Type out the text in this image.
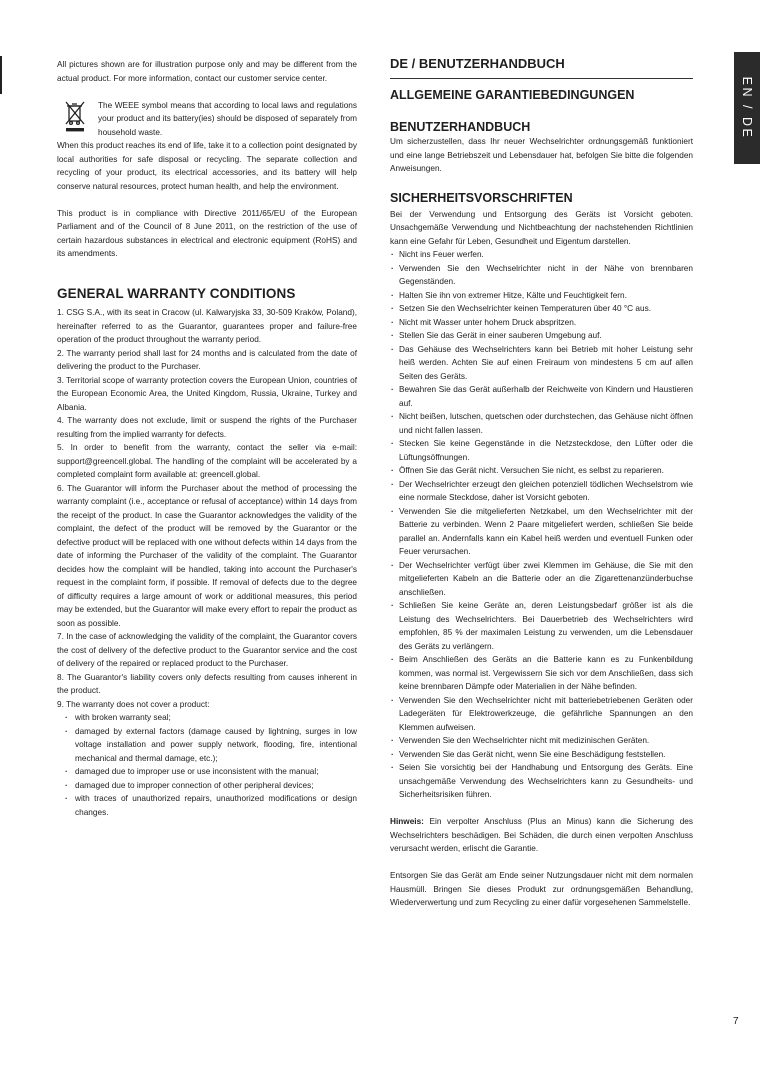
All pictures shown are for illustration purpose only and may be different from the actual product. For more information, contact our customer service center.

The WEEE symbol means that according to local laws and regulations your product and its battery(ies) should be disposed of separately from household waste.

When this product reaches its end of life, take it to a collection point designated by local authorities for safe disposal or recycling. The separate collection and recycling of your product, its electrical accessories, and its battery will help conserve natural resources, protect human health, and help the environment.

This product is in compliance with Directive 2011/65/EU of the European Parliament and of the Council of 8 June 2011, on the restriction of the use of certain hazardous substances in electrical and electronic equipment (RoHS) and its amendments.

GENERAL WARRANTY CONDITIONS

1. CSG S.A., with its seat in Cracow (ul. Kalwaryjska 33, 30-509 Kraków, Poland), hereinafter referred to as the Guarantor, guarantees proper and failure-free operation of the product throughout the warranty period.

2. The warranty period shall last for 24 months and is calculated from the date of delivering the product to the Purchaser.

3. Territorial scope of warranty protection covers the European Union, countries of the European Economic Area, the United Kingdom, Russia, Ukraine, Turkey and Albania.

4. The warranty does not exclude, limit or suspend the rights of the Purchaser resulting from the implied warranty for defects.

5. In order to benefit from the warranty, contact the seller via e-mail: support@greencell.global. The handling of the complaint will be accelerated by a completed complaint form available at: greencell.global.

6. The Guarantor will inform the Purchaser about the method of processing the warranty complaint (i.e., acceptance or refusal of acceptance) within 14 days from the receipt of the product. In case the Guarantor acknowledges the validity of the complaint, the defect of the product will be removed by the Guarantor or the defective product will be replaced with one without defects within 14 days from the date of informing the Purchaser of the validity of the complaint. The Guarantor decides how the complaint will be handled, taking into account the Purchaser's request in the complaint form, if possible. If removal of defects due to the degree of difficulty requires a large amount of work or additional measures, this period may be extended, but the Guarantor will make every effort to repair the product as soon as possible.

7. In the case of acknowledging the validity of the complaint, the Guarantor covers the cost of delivery of the defective product to the Guarantor service and the cost of delivery of the repaired or replaced product to the Purchaser.

8. The Guarantor's liability covers only defects resulting from causes inherent in the product.

9. The warranty does not cover a product:

· with broken warranty seal;

· damaged by external factors (damage caused by lightning, surges in low voltage installation and power supply network, flooding, fire, intentional mechanical and thermal damage, etc.);

· damaged due to improper use or use inconsistent with the manual;

· damaged due to improper connection of other peripheral devices;

· with traces of unauthorized repairs, unauthorized modifications or design changes.

DE / BENUTZERHANDBUCH
ALLGEMEINE GARANTIEBEDINGUNGEN
BENUTZERHANDBUCH

Um sicherzustellen, dass Ihr neuer Wechselrichter ordnungsgemäß funktioniert und eine lange Betriebszeit und Lebensdauer hat, befolgen Sie bitte die folgenden Anweisungen.

SICHERHEITSVORSCHRIFTEN

Bei der Verwendung und Entsorgung des Geräts ist Vorsicht geboten. Unsachgemäße Verwendung und Nichtbeachtung der nachstehenden Richtlinien kann eine Gefahr für Leben, Gesundheit und Eigentum darstellen.

· Nicht ins Feuer werfen.

· Verwenden Sie den Wechselrichter nicht in der Nähe von brennbaren Gegenständen.

· Halten Sie ihn von extremer Hitze, Kälte und Feuchtigkeit fern.

· Setzen Sie den Wechselrichter keinen Temperaturen über 40 °C aus.

· Nicht mit Wasser unter hohem Druck abspritzen.

· Stellen Sie das Gerät in einer sauberen Umgebung auf.

· Das Gehäuse des Wechselrichters kann bei Betrieb mit hoher Leistung sehr heiß werden. Achten Sie auf einen Freiraum von mindestens 5 cm auf allen Seiten des Geräts.

· Bewahren Sie das Gerät außerhalb der Reichweite von Kindern und Haustieren auf.

· Nicht beißen, lutschen, quetschen oder durchstechen, das Gehäuse nicht öffnen und nicht fallen lassen.

· Stecken Sie keine Gegenstände in die Netzsteckdose, den Lüfter oder die Lüftungsöffnungen.

· Öffnen Sie das Gerät nicht. Versuchen Sie nicht, es selbst zu reparieren.

· Der Wechselrichter erzeugt den gleichen potenziell tödlichen Wechselstrom wie eine normale Steckdose, daher ist Vorsicht geboten.

· Verwenden Sie die mitgelieferten Netzkabel, um den Wechselrichter mit der Batterie zu verbinden. Wenn 2 Paare mitgeliefert werden, schließen Sie beide parallel an. Andernfalls kann ein Kabel heiß werden und eventuell Funken oder Feuer verursachen.

· Der Wechselrichter verfügt über zwei Klemmen im Gehäuse, die Sie mit den mitgelieferten Kabeln an die Batterie oder an die Zigarettenanzünderbuchse anschließen.

· Schließen Sie keine Geräte an, deren Leistungsbedarf größer ist als die Leistung des Wechselrichters. Bei Dauerbetrieb des Wechselrichters wird empfohlen, 85 % der maximalen Leistung zu verwenden, um die Lebensdauer des Geräts zu verlängern.

· Beim Anschließen des Geräts an die Batterie kann es zu Funkenbildung kommen, was normal ist. Vergewissern Sie sich vor dem Anschließen, dass sich keine brennbaren Dämpfe oder Materialien in der Nähe befinden.

· Verwenden Sie den Wechselrichter nicht mit batteriebetriebenen Geräten oder Ladegeräten für Elektrowerkzeuge, die gefährliche Spannungen an den Klemmen aufweisen.

· Verwenden Sie den Wechselrichter nicht mit medizinischen Geräten.

· Verwenden Sie das Gerät nicht, wenn Sie eine Beschädigung feststellen.

· Seien Sie vorsichtig bei der Handhabung und Entsorgung des Geräts. Eine unsachgemäße Verwendung des Wechselrichters kann zu Gesundheits- und Sicherheitsrisiken führen.

Hinweis: Ein verpolter Anschluss (Plus an Minus) kann die Sicherung des Wechselrichters beschädigen. Bei Schäden, die durch einen verpolten Anschluss verursacht werden, erlischt die Garantie.

Entsorgen Sie das Gerät am Ende seiner Nutzungsdauer nicht mit dem normalen Hausmüll. Bringen Sie dieses Produkt zur ordnungsgemäßen Behandlung, Wiederverwertung und zum Recycling zu einer dafür vorgesehenen Sammelstelle.

EN / DE
7
